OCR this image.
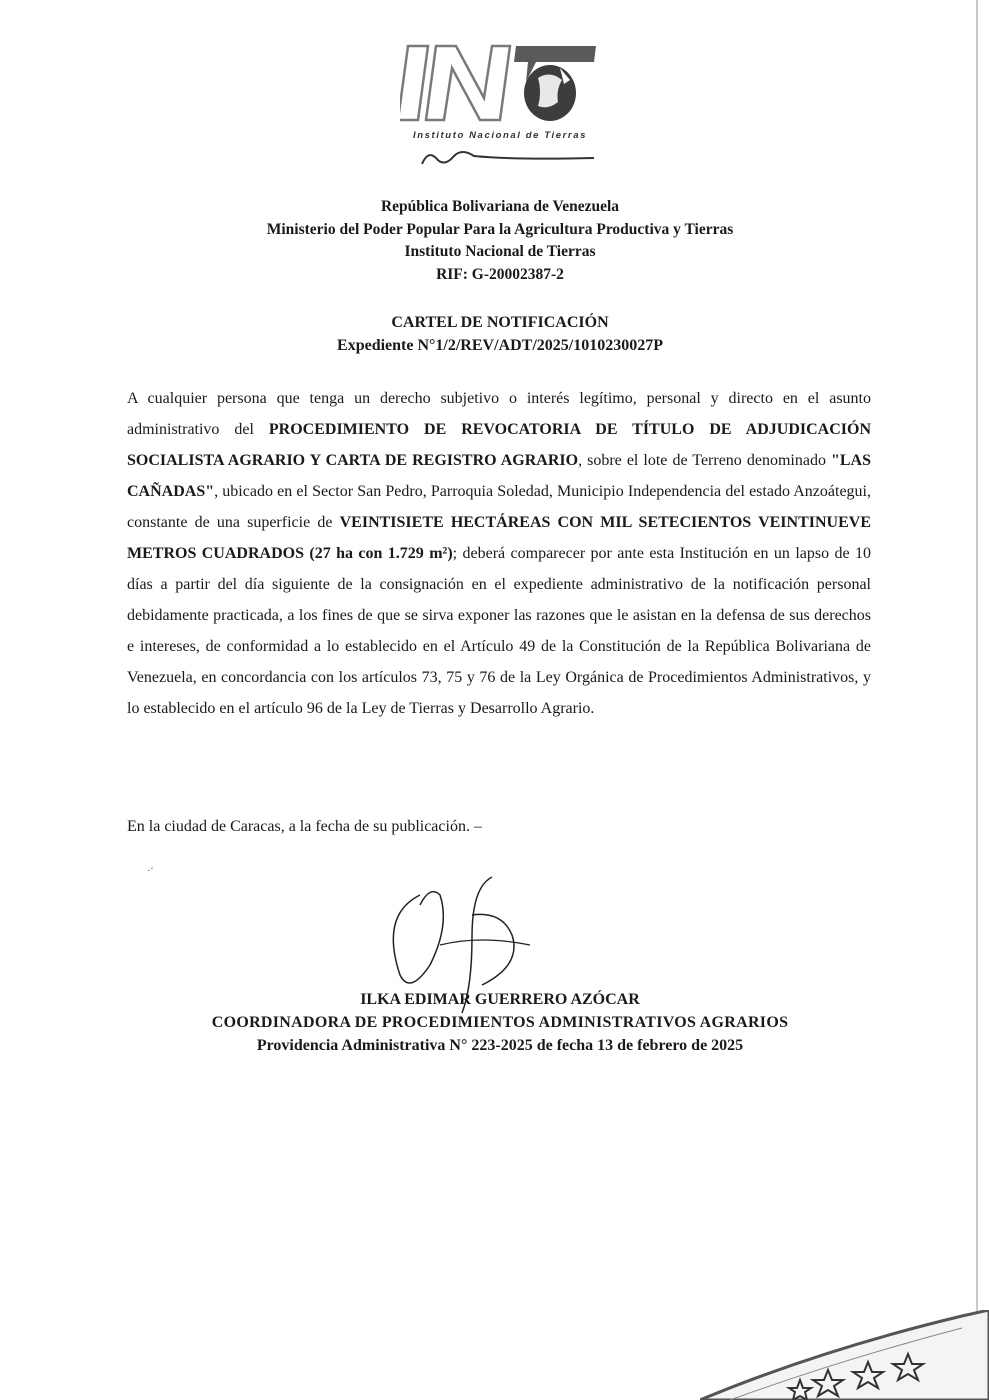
Instituto Nacional de Tierras
República Bolivariana de Venezuela
Ministerio del Poder Popular Para la Agricultura Productiva y Tierras
Instituto Nacional de Tierras
RIF: G-20002387-2
CARTEL DE NOTIFICACIÓN
Expediente N°1/2/REV/ADT/2025/1010230027P
A cualquier persona que tenga un derecho subjetivo o interés legítimo, personal y directo en el asunto administrativo del PROCEDIMIENTO DE REVOCATORIA DE TÍTULO DE ADJUDICACIÓN SOCIALISTA AGRARIO Y CARTA DE REGISTRO AGRARIO, sobre el lote de Terreno denominado "LAS CAÑADAS", ubicado en el Sector San Pedro, Parroquia Soledad, Municipio Independencia del estado Anzoátegui, constante de una superficie de VEINTISIETE HECTÁREAS CON MIL SETECIENTOS VEINTINUEVE METROS CUADRADOS (27 ha con 1.729 m²); deberá comparecer por ante esta Institución en un lapso de 10 días a partir del día siguiente de la consignación en el expediente administrativo de la notificación personal debidamente practicada, a los fines de que se sirva exponer las razones que le asistan en la defensa de sus derechos e intereses, de conformidad a lo establecido en el Artículo 49 de la Constitución de la República Bolivariana de Venezuela, en concordancia con los artículos 73, 75 y 76 de la Ley Orgánica de Procedimientos Administrativos, y lo establecido en el artículo 96 de la Ley de Tierras y Desarrollo Agrario.
En la ciudad de Caracas, a la fecha de su publicación. –
·‘
ILKA EDIMAR GUERRERO AZÓCAR
COORDINADORA DE PROCEDIMIENTOS ADMINISTRATIVOS AGRARIOS
Providencia Administrativa N° 223-2025 de fecha 13 de febrero de 2025
